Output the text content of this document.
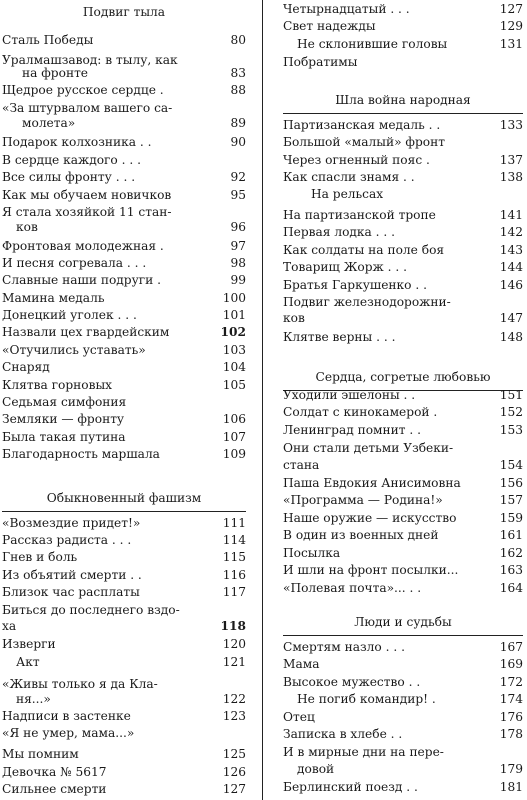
Подвиг тыла
Сталь Победы	80
Уралмашзавод: в тылу, как
на фронте	83
Щедрое русское сердце .	88
«За штурвалом вашего са-
молета»	89
Подарок колхозника . .	90
В сердце каждого . . .
Все силы фронту . . .	92
Как мы обучаем новичков	95
Я стала хозяйкой 11 стан-
ков	96
Фронтовая молодежная .	97
И песня согревала . . .	98
Славные наши подруги .	99
Мамина медаль	100
Донецкий уголек . . .	101
Назвали цех гвардейским	102
«Отучились уставать»	103
Снаряд	104
Клятва горновых	105
Седьмая симфония
Земляки — фронту	106
Была такая путина	107
Благодарность маршала	109
Обыкновенный фашизм
«Возмездие придет!»	111
Рассказ радиста . . .	114
Гнев и боль	115
Из объятий смерти . .	116
Близок час расплаты	117
Биться до последнего вздо-
ха	118
Изверги	120
Акт	121
«Живы только я да Кла-
ня...»	122
Надписи в застенке	123
«Я не умер, мама...»
Мы помним	125
Девочка № 5617	126
Сильнее смерти	127
Четырнадцатый . . .	127
Свет надежды	129
Не склонившие головы	131
Побратимы
Шла война народная
Партизанская медаль . .	133
Большой «малый» фронт
Через огненный пояс .	137
Как спасли знамя . .	138
На рельсах
На партизанской тропе	141
Первая лодка . . .	142
Как солдаты на поле боя	143
Товарищ Жорж . . .	144
Братья Гаркушенко . .	146
Подвиг железнодорожни-
ков	147
Клятве верны . . .	148
Сердца, согретые любовью
Уходили эшелоны . .	151
Солдат с кинокамерой .	152
Ленинград помнит . .	153
Они стали детьми Узбеки-
стана	154
Паша Евдокия Анисимовна	156
«Программа — Родина!»	157
Наше оружие — искусство	159
В один из военных дней	161
Посылка	162
И шли на фронт посылки...	163
«Полевая почта»... . .	164
Люди и судьбы
Смертям назло . . .	167
Мама	169
Высокое мужество . .	172
Не погиб командир! .	174
Отец	176
Записка в хлебе . .	178
И в мирные дни на пере-
довой	179
Берлинский поезд . .	181
